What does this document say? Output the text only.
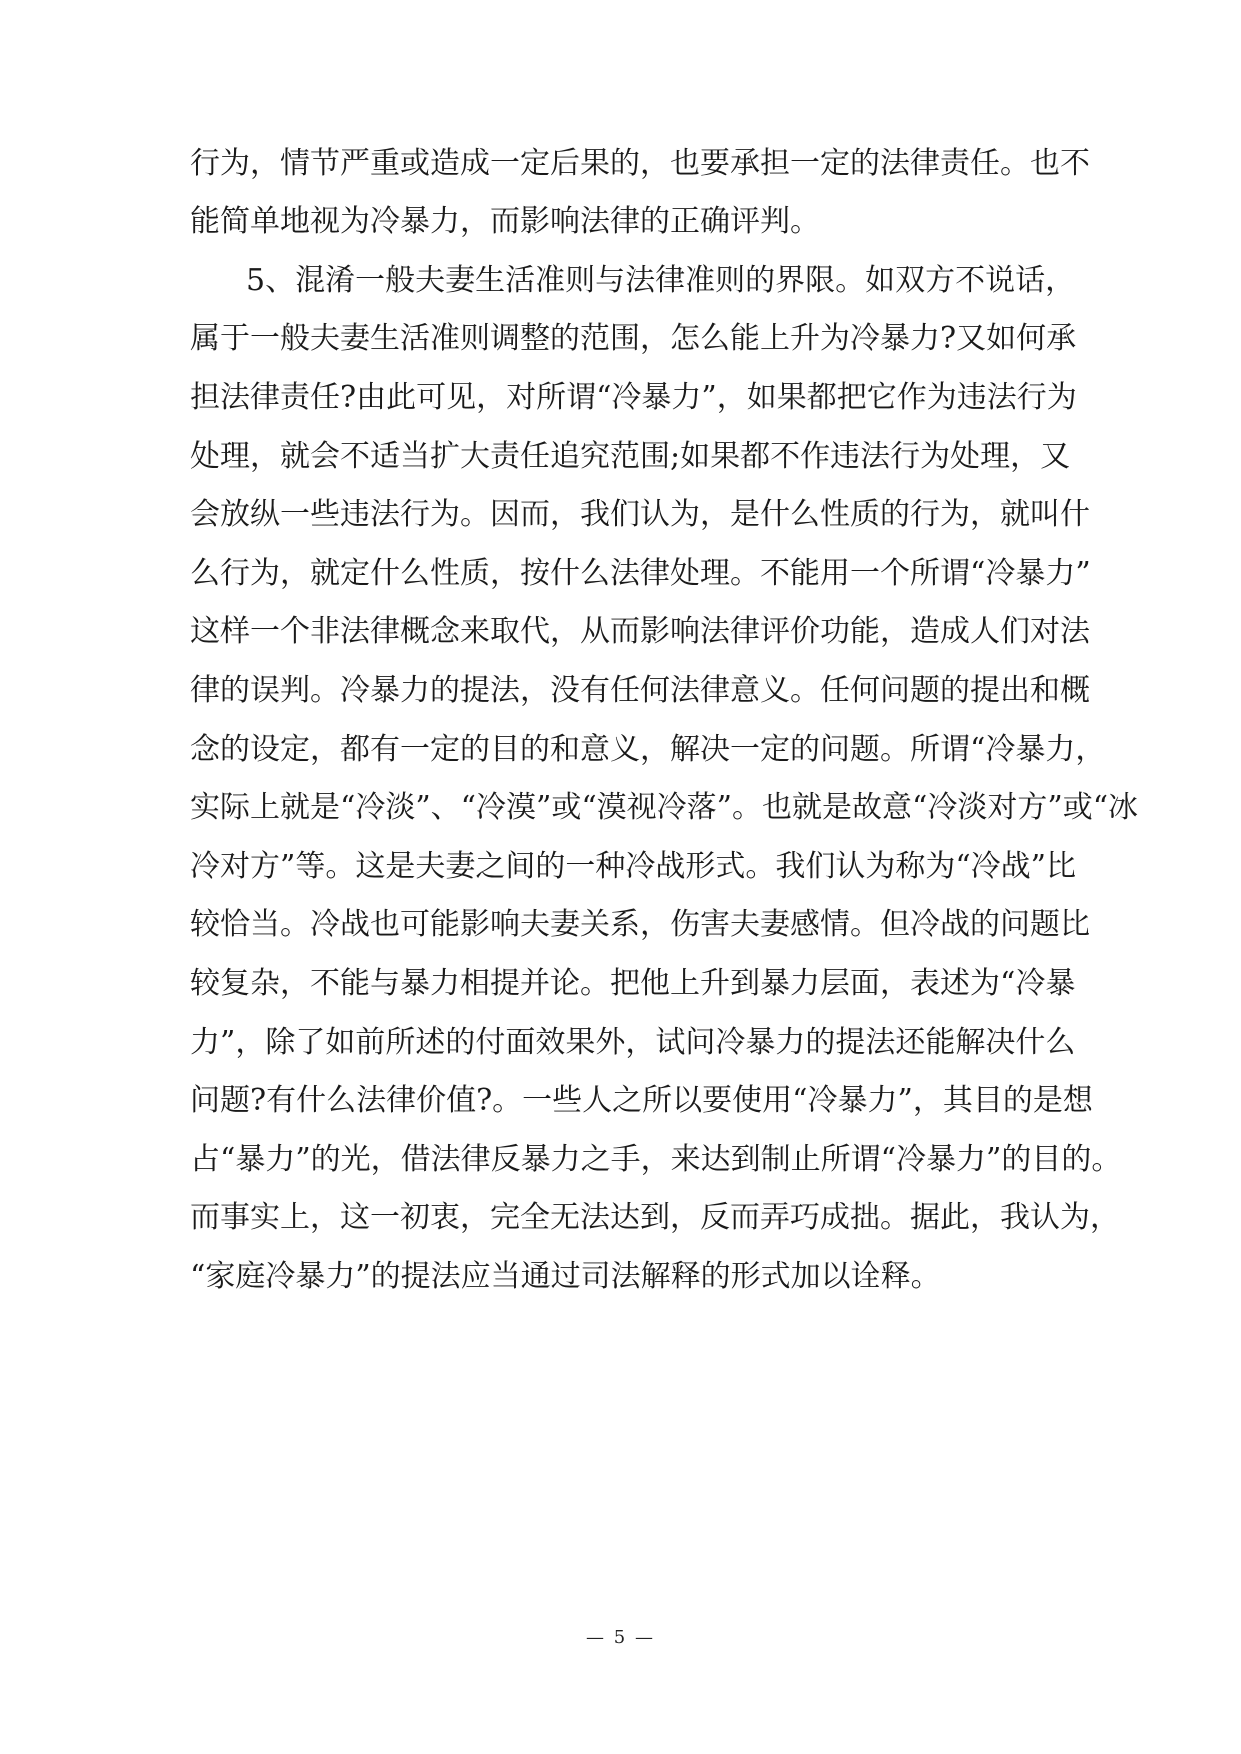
行为，情节严重或造成一定后果的，也要承担一定的法律责任。也不
能简单地视为冷暴力，而影响法律的正确评判。
5、混淆一般夫妻生活准则与法律准则的界限。如双方不说话，
属于一般夫妻生活准则调整的范围，怎么能上升为冷暴力?又如何承
担法律责任?由此可见，对所谓“冷暴力”，如果都把它作为违法行为
处理，就会不适当扩大责任追究范围;如果都不作违法行为处理，又
会放纵一些违法行为。因而，我们认为，是什么性质的行为，就叫什
么行为，就定什么性质，按什么法律处理。不能用一个所谓“冷暴力”
这样一个非法律概念来取代，从而影响法律评价功能，造成人们对法
律的误判。冷暴力的提法，没有任何法律意义。任何问题的提出和概
念的设定，都有一定的目的和意义，解决一定的问题。所谓“冷暴力，
实际上就是“冷淡”、“冷漠”或“漠视冷落”。也就是故意“冷淡对方”或“冰
冷对方”等。这是夫妻之间的一种冷战形式。我们认为称为“冷战”比
较恰当。冷战也可能影响夫妻关系，伤害夫妻感情。但冷战的问题比
较复杂，不能与暴力相提并论。把他上升到暴力层面，表述为“冷暴
力”，除了如前所述的付面效果外，试问冷暴力的提法还能解决什么
问题?有什么法律价值?。一些人之所以要使用“冷暴力”，其目的是想
占“暴力”的光，借法律反暴力之手，来达到制止所谓“冷暴力”的目的。
而事实上，这一初衷，完全无法达到，反而弄巧成拙。据此，我认为，
“家庭冷暴力”的提法应当通过司法解释的形式加以诠释。
— 5 —
